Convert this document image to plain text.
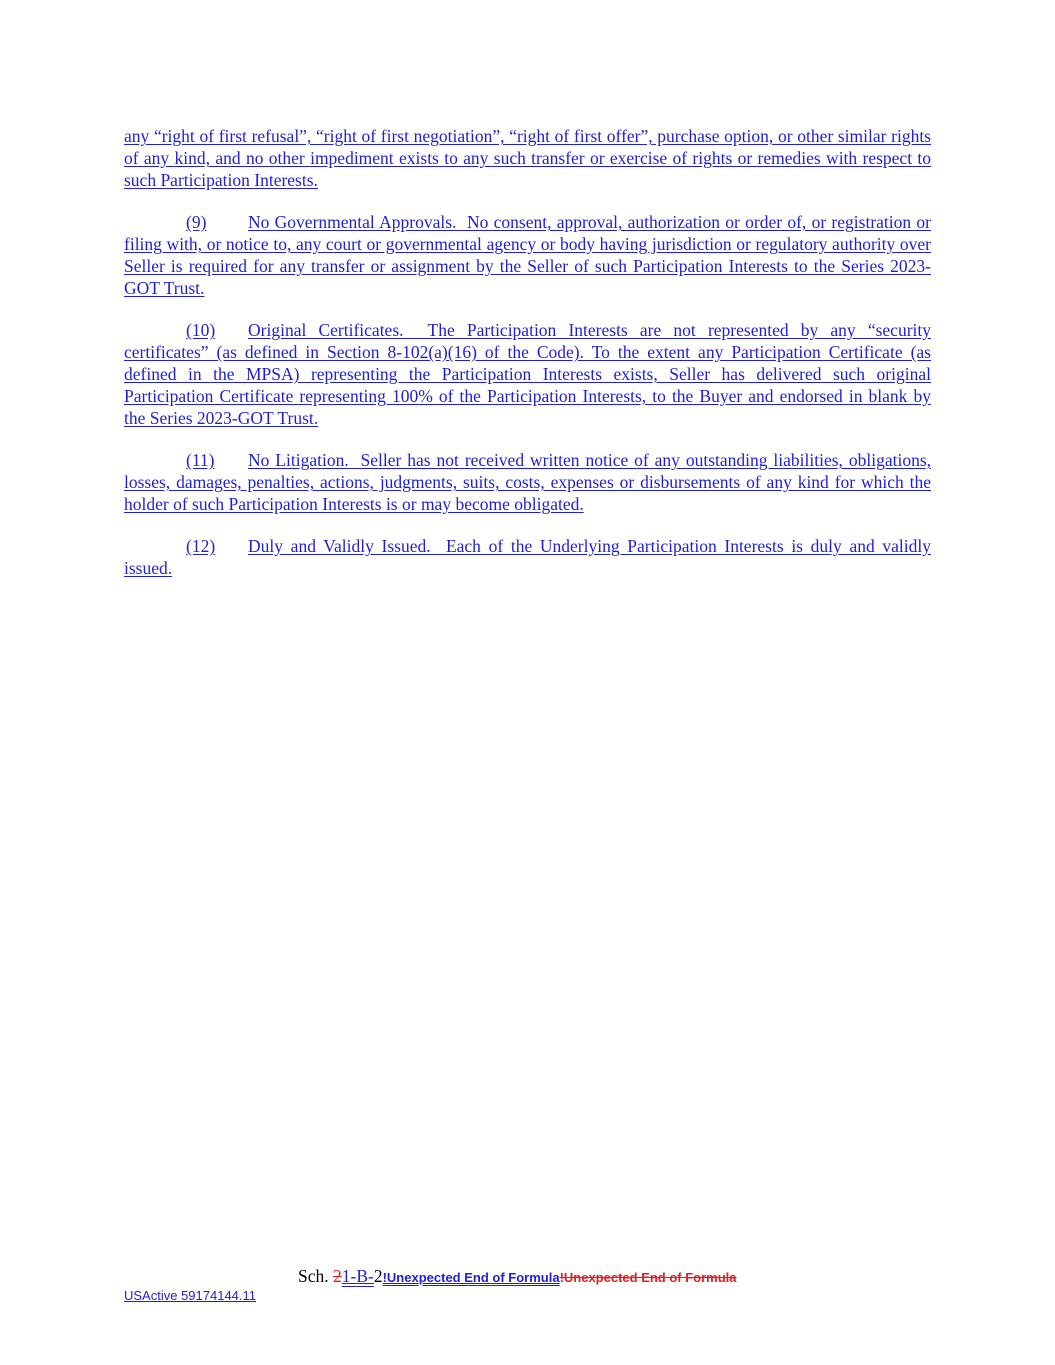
any “right of first refusal”, “right of first negotiation”, “right of first offer”, purchase option, or other similar rights of any kind, and no other impediment exists to any such transfer or exercise of rights or remedies with respect to such Participation Interests.

(9) No Governmental Approvals. No consent, approval, authorization or order of, or registration or filing with, or notice to, any court or governmental agency or body having jurisdiction or regulatory authority over Seller is required for any transfer or assignment by the Seller of such Participation Interests to the Series 2023-GOT Trust.

(10) Original Certificates. The Participation Interests are not represented by any “security certificates” (as defined in Section 8-102(a)(16) of the Code). To the extent any Participation Certificate (as defined in the MPSA) representing the Participation Interests exists, Seller has delivered such original Participation Certificate representing 100% of the Participation Interests, to the Buyer and endorsed in blank by the Series 2023-GOT Trust.

(11) No Litigation. Seller has not received written notice of any outstanding liabilities, obligations, losses, damages, penalties, actions, judgments, suits, costs, expenses or disbursements of any kind for which the holder of such Participation Interests is or may become obligated.

(12) Duly and Validly Issued. Each of the Underlying Participation Interests is duly and validly issued.

Sch. 21-B-2!Unexpected End of Formula!Unexpected End of Formula
USActive 59174144.11
